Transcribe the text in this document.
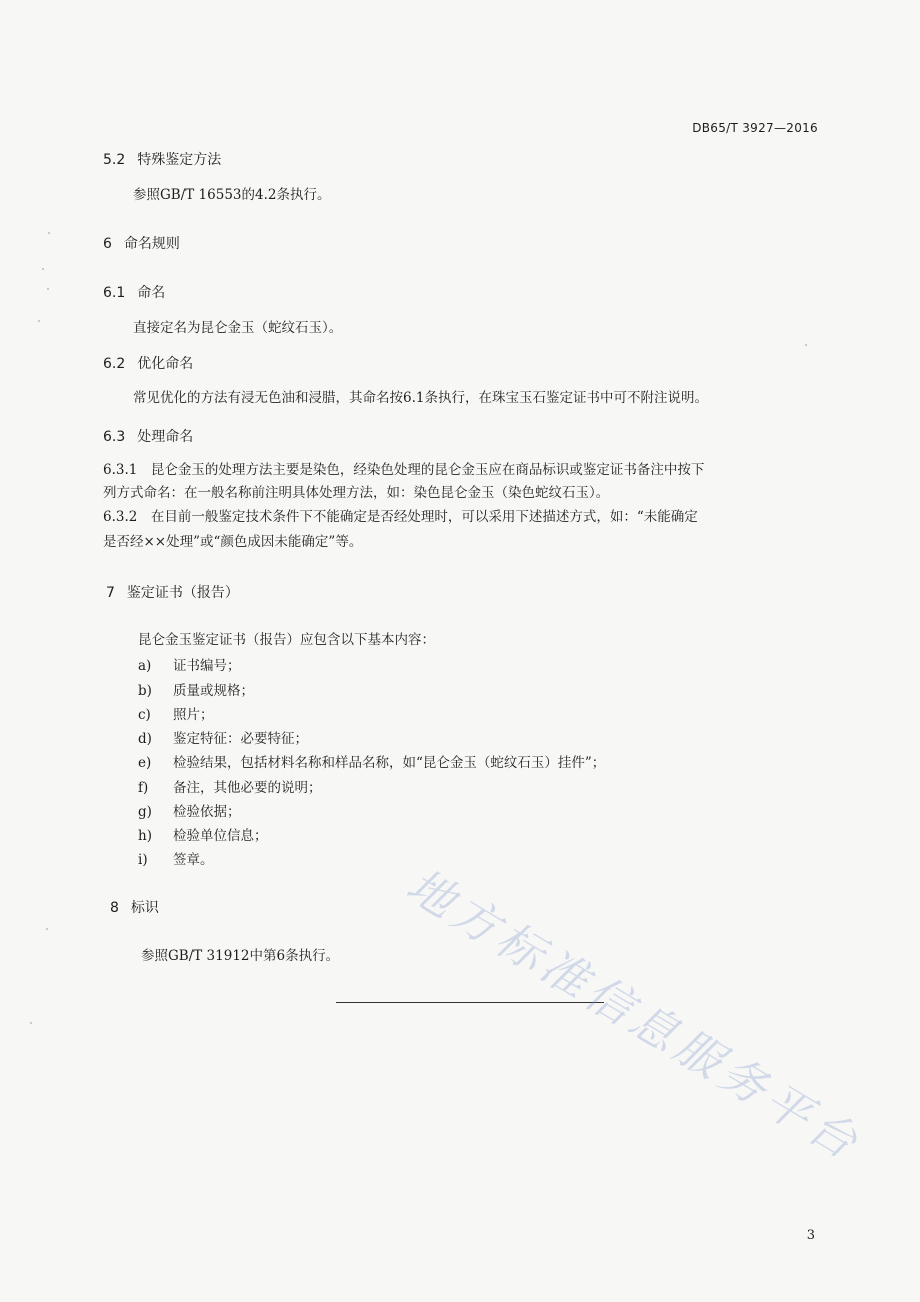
DB65/T 3927—2016
5.2 特殊鉴定方法
参照GB/T 16553的4.2条执行。
6 命名规则
6.1 命名
直接定名为昆仑金玉（蛇纹石玉）。
6.2 优化命名
常见优化的方法有浸无色油和浸腊，其命名按6.1条执行，在珠宝玉石鉴定证书中可不附注说明。
6.3 处理命名
6.3.1　昆仑金玉的处理方法主要是染色，经染色处理的昆仑金玉应在商品标识或鉴定证书备注中按下
列方式命名：在一般名称前注明具体处理方法，如：染色昆仑金玉（染色蛇纹石玉）。
6.3.2　在目前一般鉴定技术条件下不能确定是否经处理时，可以采用下述描述方式，如：“未能确定
是否经××处理”或“颜色成因未能确定”等。
7 鉴定证书（报告）
昆仑金玉鉴定证书（报告）应包含以下基本内容：
a) 证书编号；
b) 质量或规格；
c) 照片；
d) 鉴定特征：必要特征；
e) 检验结果，包括材料名称和样品名称，如“昆仑金玉（蛇纹石玉）挂件”；
f) 备注，其他必要的说明；
g) 检验依据；
h) 检验单位信息；
i) 签章。
8 标识
参照GB/T 31912中第6条执行。
3
地方标准信息服务平台
